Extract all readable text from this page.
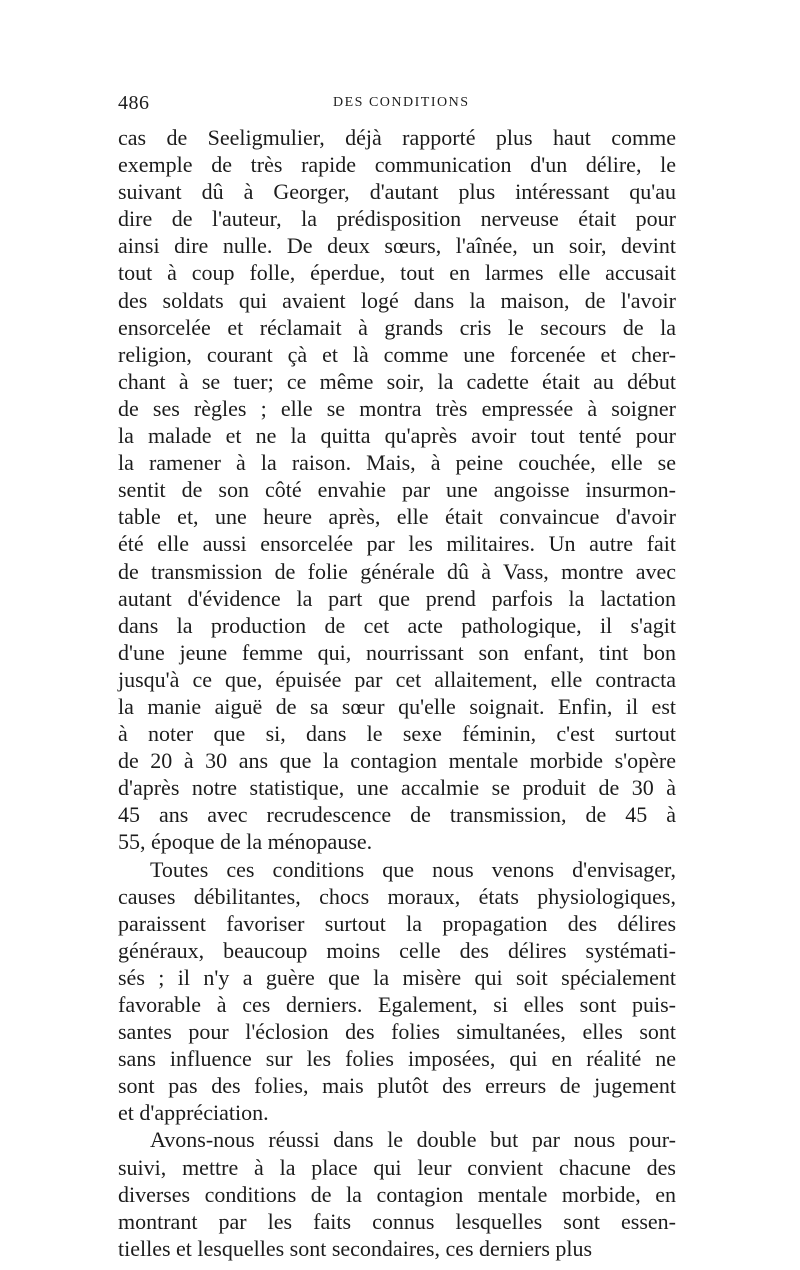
486	DES CONDITIONS
cas de Seeligmulier, déjà rapporté plus haut comme
exemple de très rapide communication d'un délire, le
suivant dû à Georger, d'autant plus intéressant qu'au
dire de l'auteur, la prédisposition nerveuse était pour
ainsi dire nulle. De deux sœurs, l'aînée, un soir, devint
tout à coup folle, éperdue, tout en larmes elle accusait
des soldats qui avaient logé dans la maison, de l'avoir
ensorcelée et réclamait à grands cris le secours de la
religion, courant çà et là comme une forcenée et cher-
chant à se tuer; ce même soir, la cadette était au début
de ses règles ; elle se montra très empressée à soigner
la malade et ne la quitta qu'après avoir tout tenté pour
la ramener à la raison. Mais, à peine couchée, elle se
sentit de son côté envahie par une angoisse insurmon-
table et, une heure après, elle était convaincue d'avoir
été elle aussi ensorcelée par les militaires. Un autre fait
de transmission de folie générale dû à Vass, montre avec
autant d'évidence la part que prend parfois la lactation
dans la production de cet acte pathologique, il s'agit
d'une jeune femme qui, nourrissant son enfant, tint bon
jusqu'à ce que, épuisée par cet allaitement, elle contracta
la manie aiguë de sa sœur qu'elle soignait. Enfin, il est
à noter que si, dans le sexe féminin, c'est surtout
de 20 à 30 ans que la contagion mentale morbide s'opère
d'après notre statistique, une accalmie se produit de 30 à
45 ans avec recrudescence de transmission, de 45 à
55, époque de la ménopause.
Toutes ces conditions que nous venons d'envisager,
causes débilitantes, chocs moraux, états physiologiques,
paraissent favoriser surtout la propagation des délires
généraux, beaucoup moins celle des délires systémati-
sés ; il n'y a guère que la misère qui soit spécialement
favorable à ces derniers. Egalement, si elles sont puis-
santes pour l'éclosion des folies simultanées, elles sont
sans influence sur les folies imposées, qui en réalité ne
sont pas des folies, mais plutôt des erreurs de jugement
et d'appréciation.
Avons-nous réussi dans le double but par nous pour-
suivi, mettre à la place qui leur convient chacune des
diverses conditions de la contagion mentale morbide, en
montrant par les faits connus lesquelles sont essen-
tielles et lesquelles sont secondaires, ces derniers plus
